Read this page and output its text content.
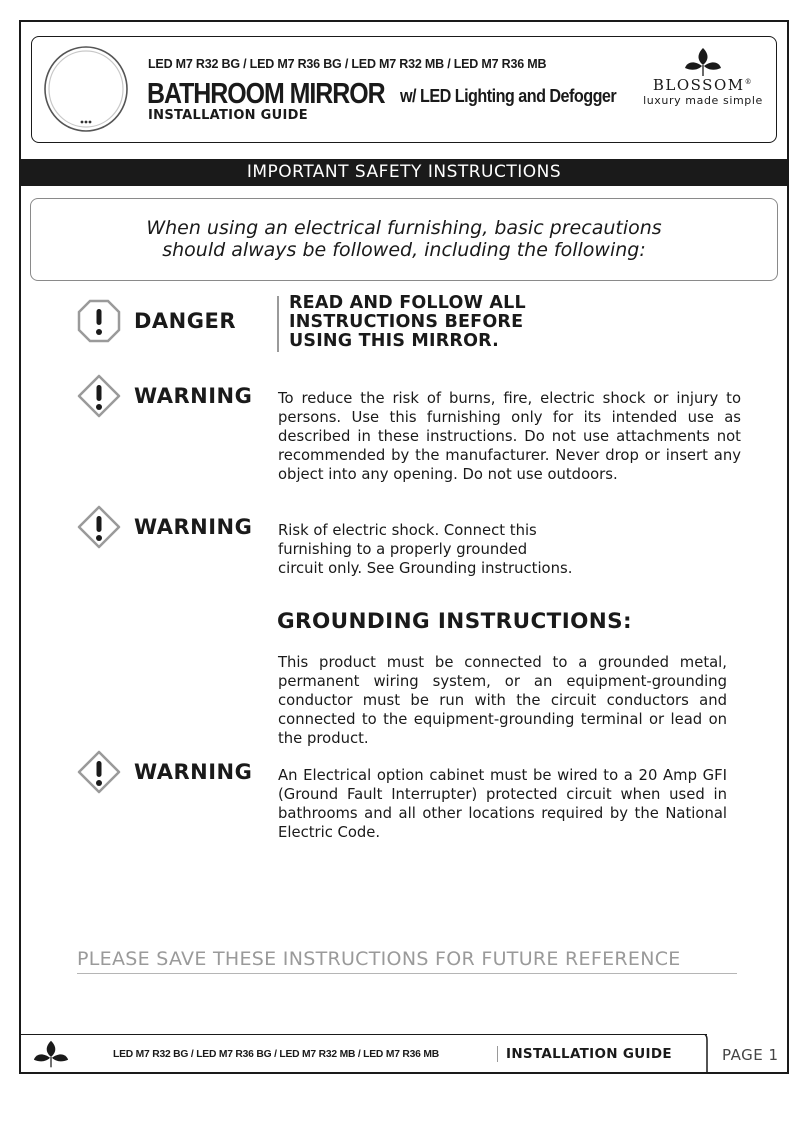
LED M7 R32 BG / LED M7 R36 BG / LED M7 R32 MB / LED M7 R36 MB
BATHROOM MIRROR w/ LED Lighting and Defogger
INSTALLATION GUIDE
BLOSSOM®
luxury made simple
IMPORTANT SAFETY INSTRUCTIONS
When using an electrical furnishing, basic precautions
should always be followed, including the following:
DANGER
READ AND FOLLOW ALL
INSTRUCTIONS BEFORE
USING THIS MIRROR.
WARNING To reduce the risk of burns, fire, electric shock or injury to persons. Use this furnishing only for its intended use as described in these instructions. Do not use attachments not recommended by the manufacturer. Never drop or insert any object into any opening. Do not use outdoors.
WARNING Risk of electric shock. Connect this
furnishing to a properly grounded
circuit only. See Grounding instructions.
GROUNDING INSTRUCTIONS:
This product must be connected to a grounded metal, permanent wiring system, or an equipment-grounding conductor must be run with the circuit conductors and connected to the equipment-grounding terminal or lead on the product.
WARNING An Electrical option cabinet must be wired to a 20 Amp GFI (Ground Fault Interrupter) protected circuit when used in bathrooms and all other locations required by the National Electric Code.
PLEASE SAVE THESE INSTRUCTIONS FOR FUTURE REFERENCE
LED M7 R32 BG / LED M7 R36 BG / LED M7 R32 MB / LED M7 R36 MB	INSTALLATION GUIDE	PAGE 1
